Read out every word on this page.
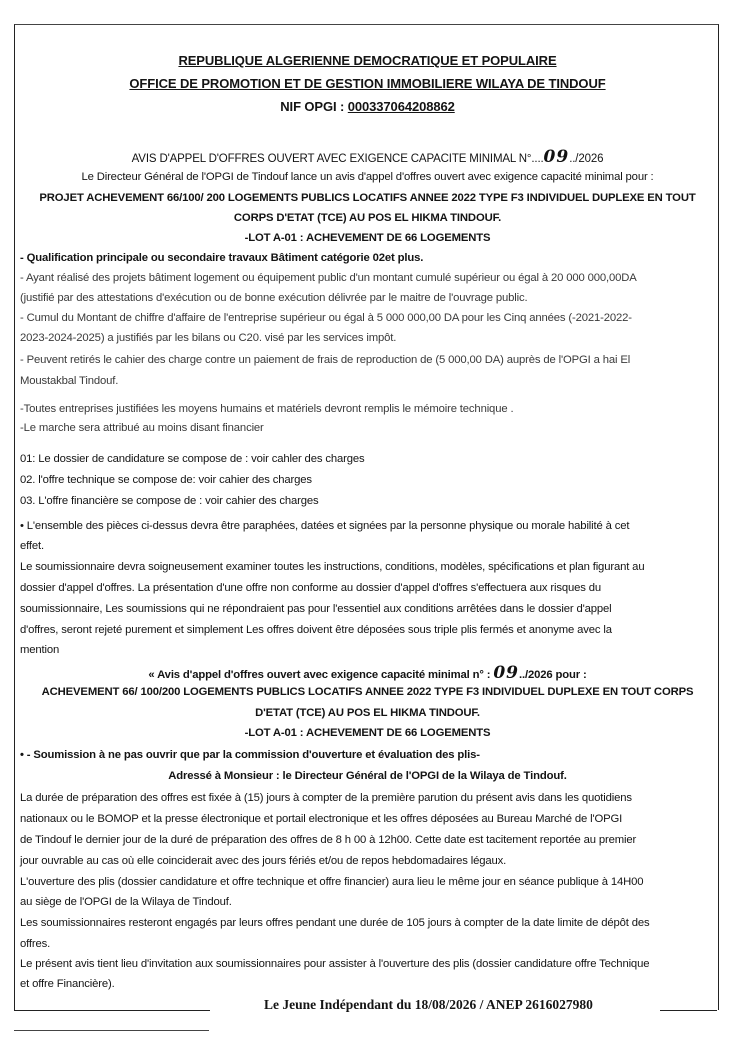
REPUBLIQUE ALGERIENNE DEMOCRATIQUE ET POPULAIRE
OFFICE DE PROMOTION ET DE GESTION IMMOBILIERE WILAYA DE TINDOUF
NIF OPGI : 000337064208862
AVIS D'APPEL D'OFFRES OUVERT AVEC EXIGENCE CAPACITE MINIMAL N°....09../2026
Le Directeur Général de l'OPGI de Tindouf lance un avis d'appel d'offres ouvert avec exigence capacité minimal pour :
PROJET ACHEVEMENT 66/100/ 200 LOGEMENTS PUBLICS LOCATIFS ANNEE 2022 TYPE F3 INDIVIDUEL DUPLEXE EN TOUT
CORPS D'ETAT (TCE) AU POS EL HIKMA TINDOUF.
-LOT A-01 : ACHEVEMENT DE 66 LOGEMENTS
- Qualification principale ou secondaire travaux Bâtiment catégorie 02et plus.
- Ayant réalisé des projets bâtiment logement ou équipement public d'un montant cumulé supérieur ou égal à 20 000 000,00DA
(justifié par des attestations d'exécution ou de bonne exécution délivrée par le maitre de l'ouvrage public.
- Cumul du Montant de chiffre d'affaire de l'entreprise supérieur ou égal à 5 000 000,00 DA pour les Cinq années (-2021-2022-
2023-2024-2025) a justifiés par les bilans ou C20. visé par les services impôt.
- Peuvent retirés le cahier des charge contre un paiement de frais de reproduction de (5 000,00 DA) auprès de l'OPGI a hai El
Moustakbal Tindouf.
-Toutes entreprises justifiées les moyens humains et matériels devront remplis le mémoire technique .
-Le marche sera attribué au moins disant financier
01: Le dossier de candidature se compose de : voir cahler des charges
02. l'offre technique se compose de: voir cahier des charges
03. L'offre financière se compose de : voir cahier des charges
• L'ensemble des pièces ci-dessus devra être paraphées, datées et signées par la personne physique ou morale habilité à cet
effet.
Le soumissionnaire devra soigneusement examiner toutes les instructions, conditions, modèles, spécifications et plan figurant au
dossier d'appel d'offres. La présentation d'une offre non conforme au dossier d'appel d'offres s'effectuera aux risques du
soumissionnaire, Les soumissions qui ne répondraient pas pour l'essentiel aux conditions arrêtées dans le dossier d'appel
d'offres, seront rejeté purement et simplement Les offres doivent être déposées sous triple plis fermés et anonyme avec la
mention
« Avis d'appel d'offres ouvert avec exigence capacité minimal n° : 09../2026 pour :
ACHEVEMENT 66/ 100/200 LOGEMENTS PUBLICS LOCATIFS ANNEE 2022 TYPE F3 INDIVIDUEL DUPLEXE EN TOUT CORPS
D'ETAT (TCE) AU POS EL HIKMA TINDOUF.
-LOT A-01 : ACHEVEMENT DE 66 LOGEMENTS
• - Soumission à ne pas ouvrir que par la commission d'ouverture et évaluation des plis-
Adressé à Monsieur : le Directeur Général de l'OPGI de la Wilaya de Tindouf.
La durée de préparation des offres est fixée à (15) jours à compter de la première parution du présent avis dans les quotidiens
nationaux ou le BOMOP et la presse électronique et portail electronique et les offres déposées au Bureau Marché de l'OPGI
de Tindouf le dernier jour de la duré de préparation des offres de 8 h 00 à 12h00. Cette date est tacitement reportée au premier
jour ouvrable au cas où elle coinciderait avec des jours fériés et/ou de repos hebdomadaires légaux.
L'ouverture des plis (dossier candidature et offre technique et offre financier) aura lieu le même jour en séance publique à 14H00
au siège de l'OPGI de la Wilaya de Tindouf.
Les soumissionnaires resteront engagés par leurs offres pendant une durée de 105 jours à compter de la date limite de dépôt des
offres.
Le présent avis tient lieu d'invitation aux soumissionnaires pour assister à l'ouverture des plis (dossier candidature offre Technique
et offre Financière).
Le Jeune Indépendant du 18/08/2026 / ANEP 2616027980
